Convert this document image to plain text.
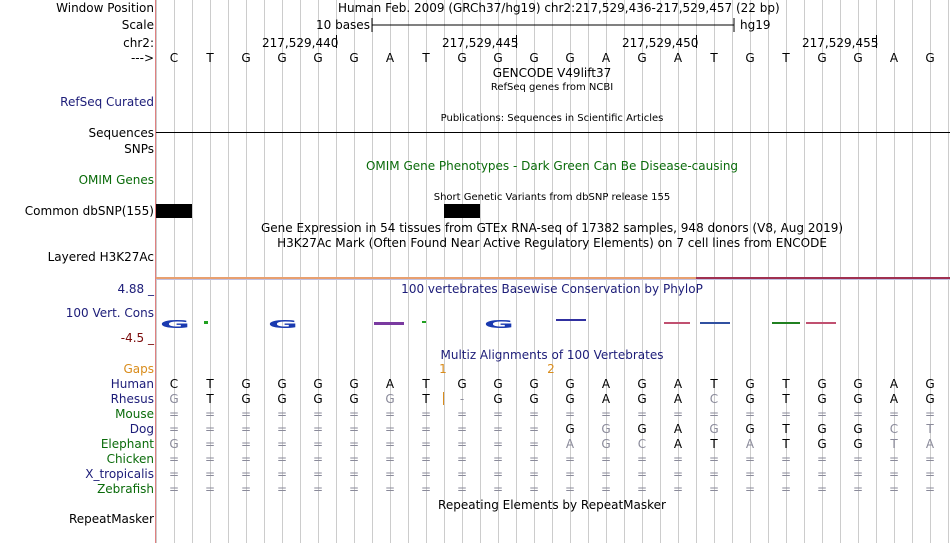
Window Position	Human Feb. 2009 (GRCh37/hg19) chr2:217,529,436-217,529,457 (22 bp)
Scale	10 bases	hg19
chr2:	217,529,440	217,529,445	217,529,450	217,529,455
---> C T G G G G A T G G G G A G A T G T G G A G
GENCODE V49lift37
RefSeq genes from NCBI
RefSeq Curated
Publications: Sequences in Scientific Articles
Sequences
SNPs
OMIM Gene Phenotypes - Dark Green Can Be Disease-causing
OMIM Genes
Short Genetic Variants from dbSNP release 155
Common dbSNP(155)
Gene Expression in 54 tissues from GTEx RNA-seq of 17382 samples, 948 donors (V8, Aug 2019)
H3K27Ac Mark (Often Found Near Active Regulatory Elements) on 7 cell lines from ENCODE
Layered H3K27Ac
4.88 _	100 vertebrates Basewise Conservation by PhyloP
100 Vert. Cons
-4.5 _
G	G	G
Multiz Alignments of 100 Vertebrates
Gaps	1	2
Human C T G G G G A T G G G G A G A T G T G G A G
Rhesus G T G G G G G T	- G G G A G A C G T G G A G
Mouse = = = = = = = = = = = = = = = = = = = = = =
Dog = = = = = = = = = = = G G G A G G T G G C T
Elephant G = = = = = = = = = = A G C A T A T G G T A
Chicken = = = = = = = = = = = = = = = = = = = = = =
X_tropicalis = = = = = = = = = = = = = = = = = = = = = =
Zebrafish = = = = = = = = = = = = = = = = = = = = = =
Repeating Elements by RepeatMasker
RepeatMasker
